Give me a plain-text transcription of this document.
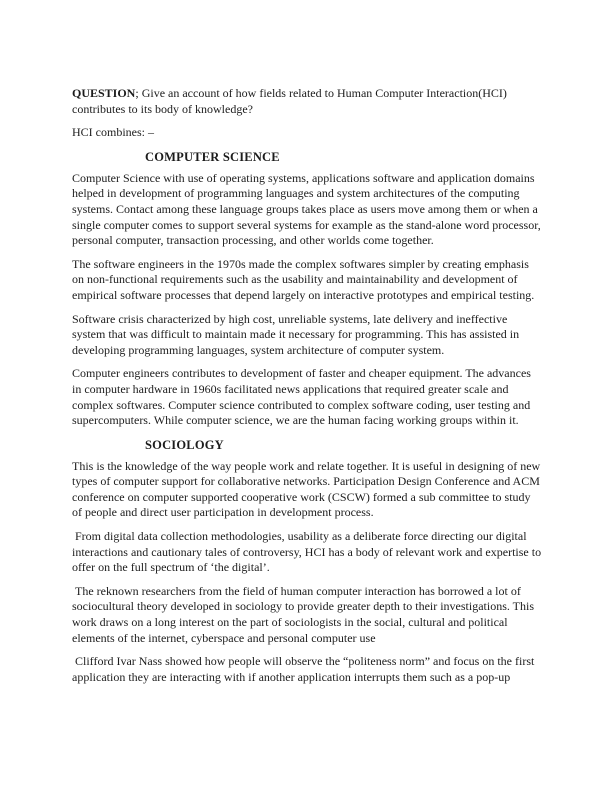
QUESTION; Give an account of how fields related to Human Computer Interaction(HCI) contributes to its body of knowledge?

HCI combines: –

COMPUTER SCIENCE

Computer Science with use of operating systems, applications software and application domains helped in development of programming languages and system architectures of the computing systems. Contact among these language groups takes place as users move among them or when a single computer comes to support several systems for example as the stand-alone word processor, personal computer, transaction processing, and other worlds come together.

The software engineers in the 1970s made the complex softwares simpler by creating emphasis on non-functional requirements such as the usability and maintainability and development of empirical software processes that depend largely on interactive prototypes and empirical testing.

Software crisis characterized by high cost, unreliable systems, late delivery and ineffective system that was difficult to maintain made it necessary for programming. This has assisted in developing programming languages, system architecture of computer system.

Computer engineers contributes to development of faster and cheaper equipment. The advances in computer hardware in 1960s facilitated news applications that required greater scale and complex softwares. Computer science contributed to complex software coding, user testing and supercomputers. While computer science, we are the human facing working groups within it.

SOCIOLOGY

This is the knowledge of the way people work and relate together. It is useful in designing of new types of computer support for collaborative networks. Participation Design Conference and ACM conference on computer supported cooperative work (CSCW) formed a sub committee to study of people and direct user participation in development process.

From digital data collection methodologies, usability as a deliberate force directing our digital interactions and cautionary tales of controversy, HCI has a body of relevant work and expertise to offer on the full spectrum of ‘the digital’.

The reknown researchers from the field of human computer interaction has borrowed a lot of sociocultural theory developed in sociology to provide greater depth to their investigations. This work draws on a long interest on the part of sociologists in the social, cultural and political elements of the internet, cyberspace and personal computer use

Clifford Ivar Nass showed how people will observe the “politeness norm” and focus on the first application they are interacting with if another application interrupts them such as a pop-up
